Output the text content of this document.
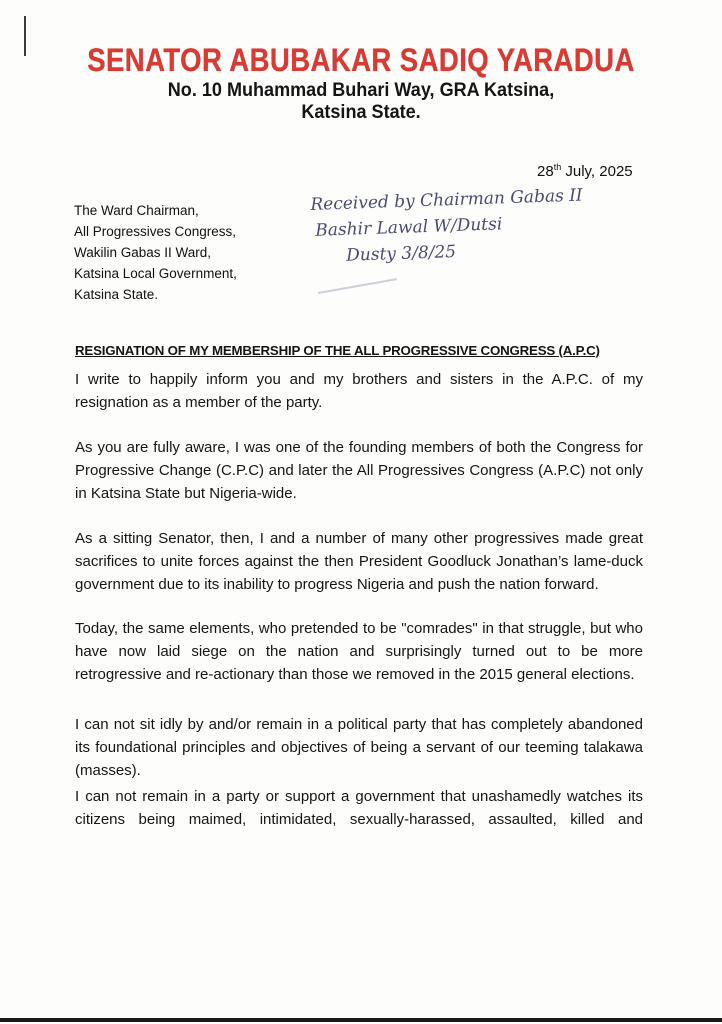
SENATOR ABUBAKAR SADIQ YARADUA
No. 10 Muhammad Buhari Way, GRA Katsina,
Katsina State.
28th July, 2025
The Ward Chairman,
All Progressives Congress,
Wakilin Gabas II Ward,
Katsina Local Government,
Katsina State.
Received by Chairman Gabas II
Bashir Lawal W/Dutsi
Dusty 3/8/25
RESIGNATION OF MY MEMBERSHIP OF THE ALL PROGRESSIVE CONGRESS (A.P.C)
I write to happily inform you and my brothers and sisters in the A.P.C. of my resignation as a member of the party.
As you are fully aware, I was one of the founding members of both the Congress for Progressive Change (C.P.C) and later the All Progressives Congress (A.P.C) not only in Katsina State but Nigeria-wide.
As a sitting Senator, then, I and a number of many other progressives made great sacrifices to unite forces against the then President Goodluck Jonathan’s lame-duck government due to its inability to progress Nigeria and push the nation forward.
Today, the same elements, who pretended to be "comrades" in that struggle, but who have now laid siege on the nation and surprisingly turned out to be more retrogressive and re-actionary than those we removed in the 2015 general elections.
I can not sit idly by and/or remain in a political party that has completely abandoned its foundational principles and objectives of being a servant of our teeming talakawa (masses).
I can not remain in a party or support a government that unashamedly watches its citizens being maimed, intimidated, sexually-harassed, assaulted, killed and
